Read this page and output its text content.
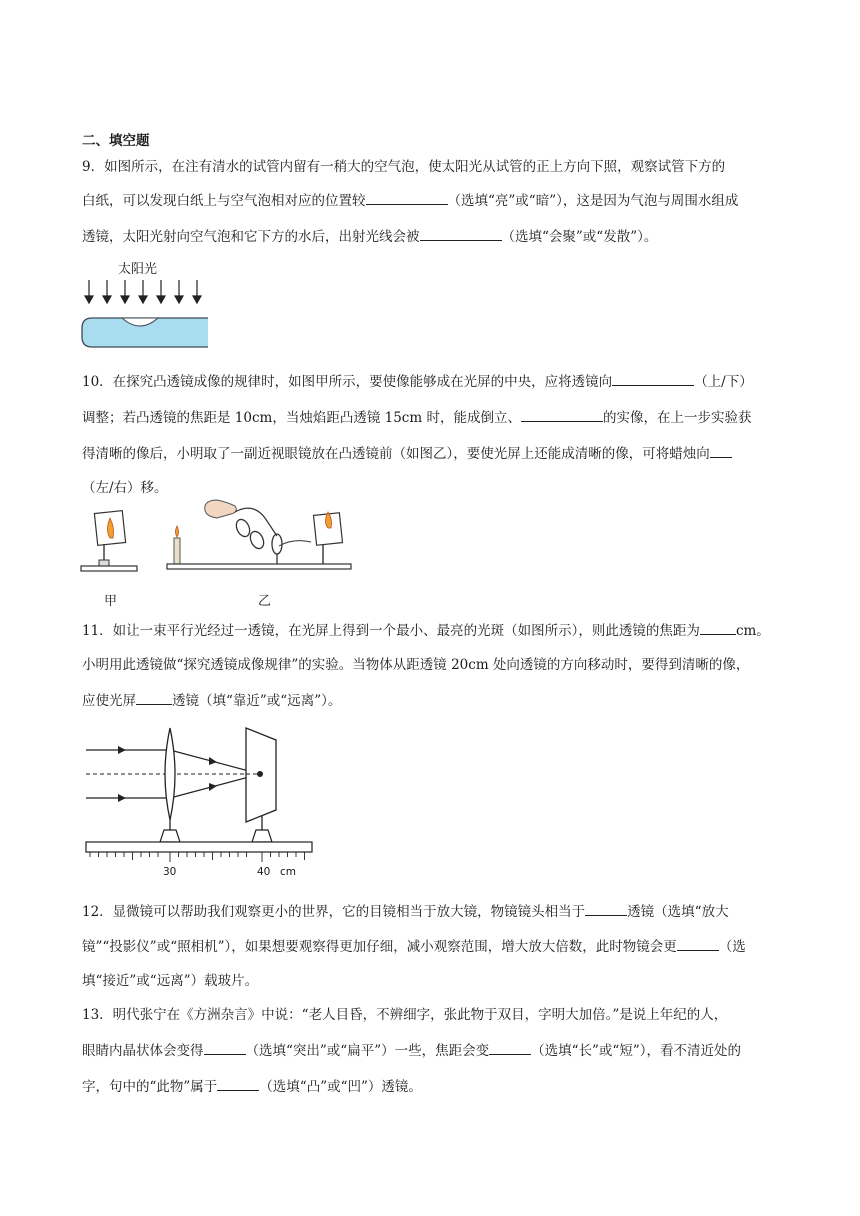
二、填空题
9．如图所示，在注有清水的试管内留有一稍大的空气泡，使太阳光从试管的正上方向下照，观察试管下方的
白纸，可以发现白纸上与空气泡相对应的位置较	（选填“亮”或“暗”），这是因为气泡与周围水组成
透镜，太阳光射向空气泡和它下方的水后，出射光线会被	（选填“会聚”或“发散”）。
太阳光
10．在探究凸透镜成像的规律时，如图甲所示，要使像能够成在光屏的中央，应将透镜向	（上/下）
调整；若凸透镜的焦距是 10cm，当烛焰距凸透镜 15cm 时，能成倒立、	的实像，在上一步实验获
得清晰的像后，小明取了一副近视眼镜放在凸透镜前（如图乙），要使光屏上还能成清晰的像，可将蜡烛向
（左/右）移。
甲	乙
11．如让一束平行光经过一透镜，在光屏上得到一个最小、最亮的光斑（如图所示），则此透镜的焦距为	cm。
小明用此透镜做“探究透镜成像规律”的实验。当物体从距透镜 20cm 处向透镜的方向移动时，要得到清晰的像，
应使光屏	透镜（填“靠近”或“远离”）。
30	40 cm
12．显微镜可以帮助我们观察更小的世界，它的目镜相当于放大镜，物镜镜头相当于	透镜（选填“放大
镜”“投影仪”或“照相机”），如果想要观察得更加仔细，减小观察范围，增大放大倍数，此时物镜会更	（选
填“接近”或“远离”）载玻片。
13．明代张宁在《方洲杂言》中说：“老人目昏，不辨细字，张此物于双目，字明大加倍。”是说上年纪的人，
眼睛内晶状体会变得	（选填“突出”或“扁平”）一些，焦距会变	（选填“长”或“短”），看不清近处的
字，句中的“此物”属于	（选填“凸”或“凹”）透镜。
